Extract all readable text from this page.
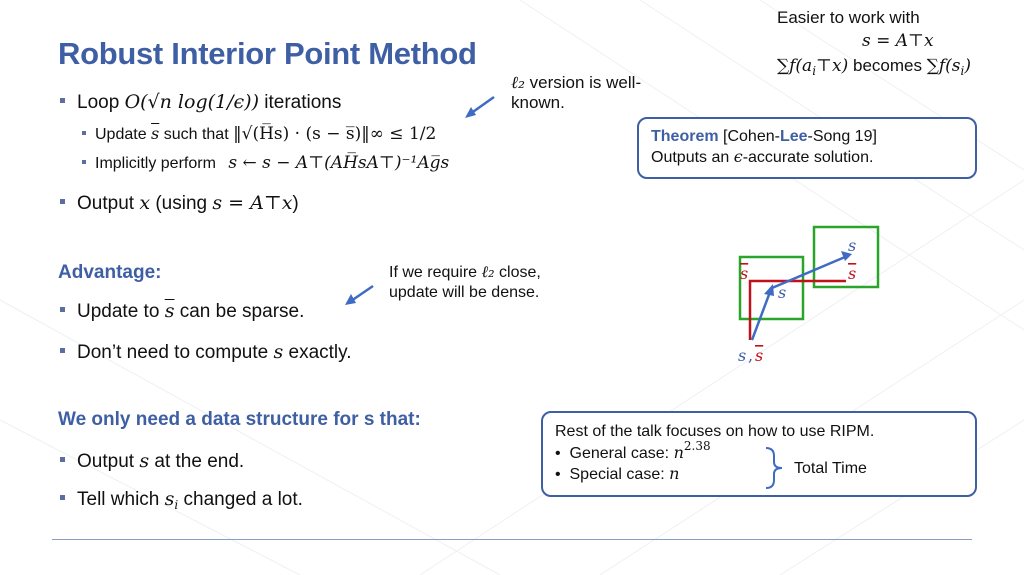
Robust Interior Point Method
Easier to work with
s = A⊤x
$\sum f(a_i⊤x)$ becomes $\sum f(s_i)$
Loop O(√n log(1/ϵ)) iterations
Update $\overline{s}$ such that ‖√(H̅s) · (s − s̅)‖∞ ≤ 1/2
Implicitly perform s ← s − A⊤(AH̅sA⊤)⁻¹Ag̅s
Output x (using s = A⊤x)
ℓ₂ version is well-
known.
Theorem [Cohen-Lee-Song 19]
Outputs an ϵ-accurate solution.
Advantage:
Update to $\overline{s}$ can be sparse.
Don’t need to compute s exactly.
If we require ℓ₂ close,
update will be dense.
s
s	s
s
s , s
We only need a data structure for s that:
Output s at the end.
Tell which $s_i$ changed a lot.
Rest of the talk focuses on how to use RIPM.
•  General case: $n^{2.38}$
•  Special case: n	Total Time
